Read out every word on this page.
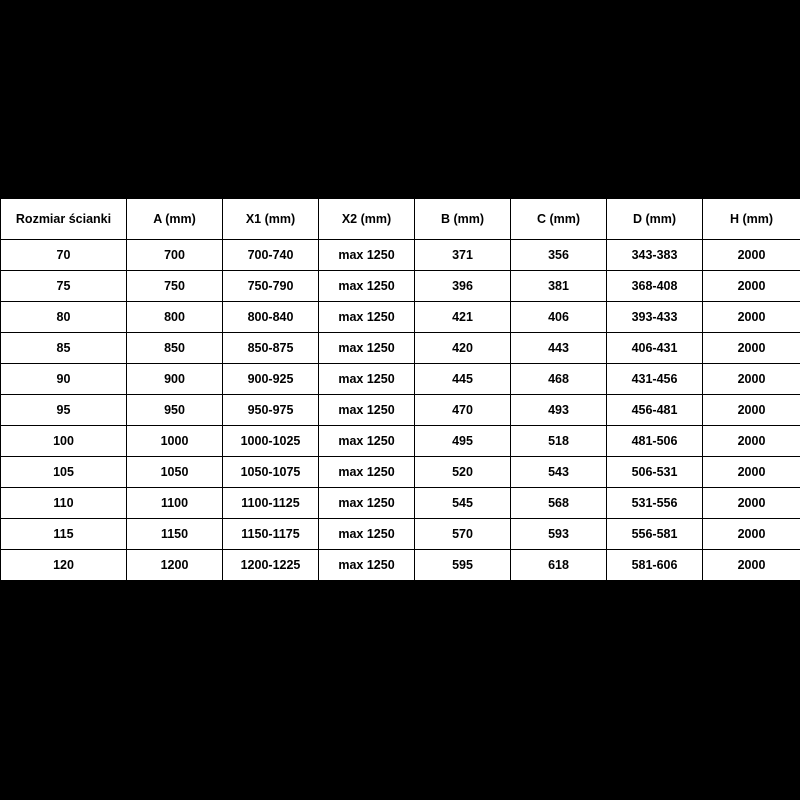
Rozmiar ścianki	A (mm)	X1 (mm)	X2 (mm)	B (mm)	C (mm)	D (mm)	H (mm)
70	700	700-740	max 1250	371	356	343-383	2000
75	750	750-790	max 1250	396	381	368-408	2000
80	800	800-840	max 1250	421	406	393-433	2000
85	850	850-875	max 1250	420	443	406-431	2000
90	900	900-925	max 1250	445	468	431-456	2000
95	950	950-975	max 1250	470	493	456-481	2000
100	1000	1000-1025	max 1250	495	518	481-506	2000
105	1050	1050-1075	max 1250	520	543	506-531	2000
110	1100	1100-1125	max 1250	545	568	531-556	2000
115	1150	1150-1175	max 1250	570	593	556-581	2000
120	1200	1200-1225	max 1250	595	618	581-606	2000
